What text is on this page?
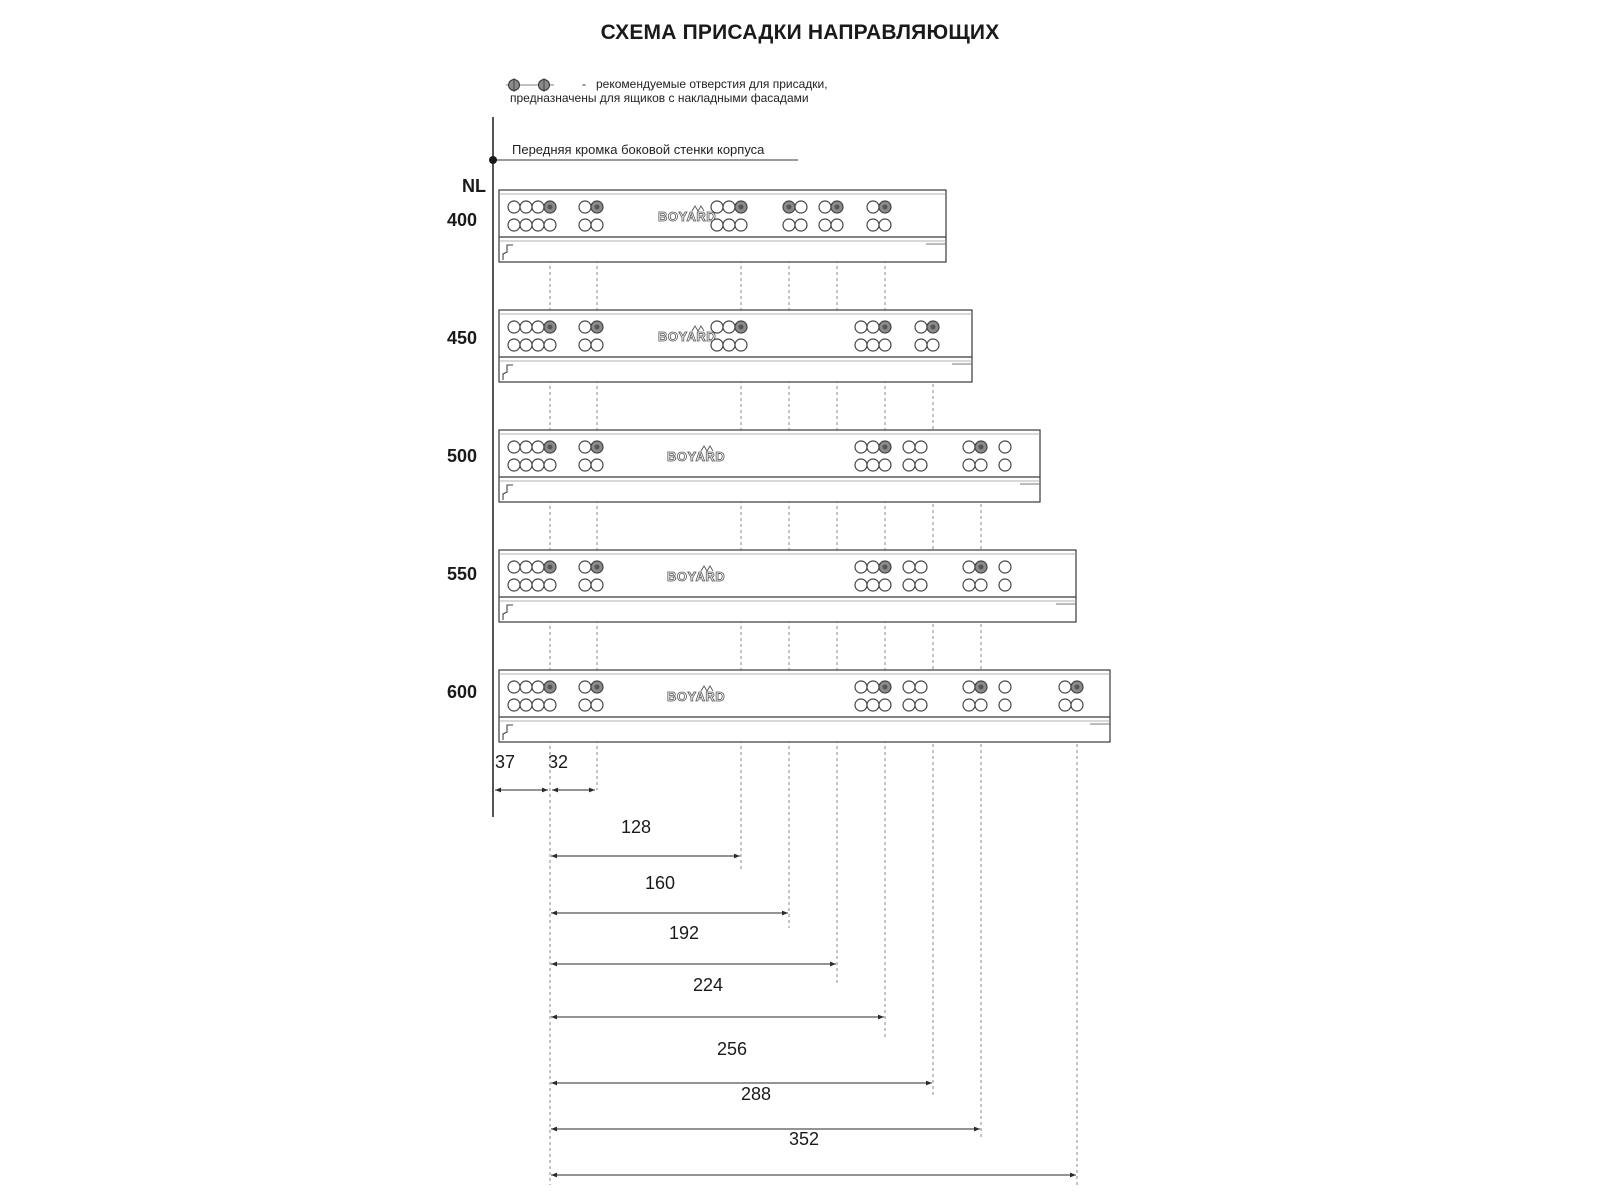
СХЕМА ПРИСАДКИ НАПРАВЛЯЮЩИХ
- рекомендуемые отверстия для присадки,
предназначены для ящиков с накладными фасадами
Передняя кромка боковой стенки корпуса
NL
400
450
500
550
600
37	32
128
160
192
224
256
288
352
BOYARD
BOYARD
BOYARD
BOYARD
BOYARD
